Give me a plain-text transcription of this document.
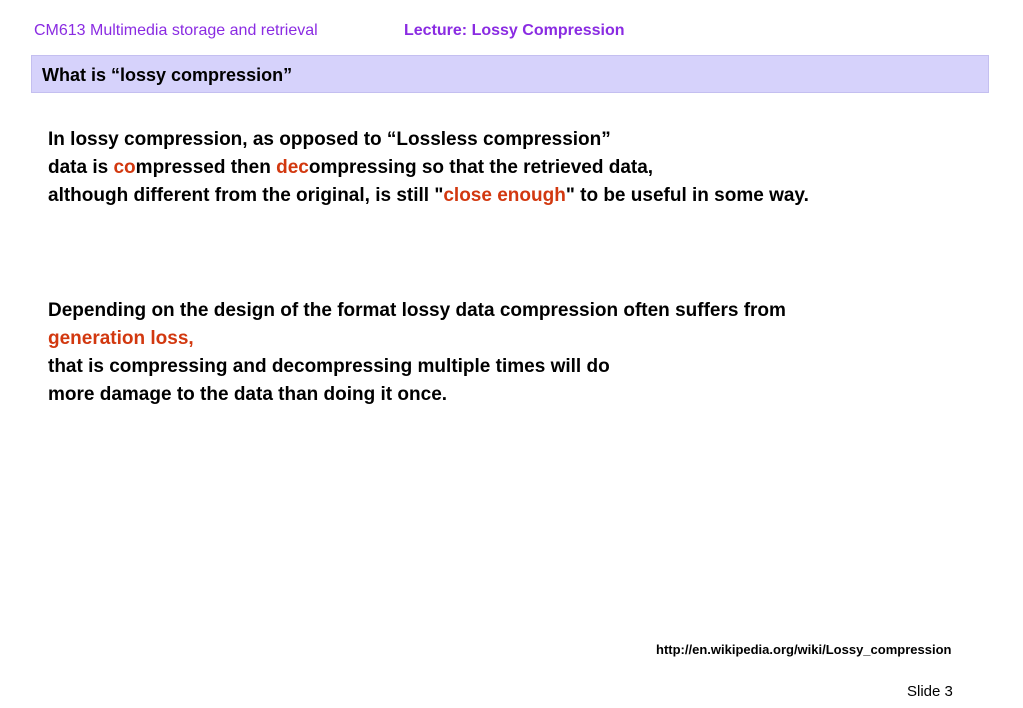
CM613 Multimedia storage and retrieval	Lecture: Lossy Compression
What is “lossy compression”
In lossy compression, as opposed to “Lossless compression”
data is compressed then decompressing so that the retrieved data,
although different from the original, is still "close enough" to be useful in some way.
Depending on the design of the format lossy data compression often suffers from
generation loss,
that is compressing and decompressing multiple times will do
more damage to the data than doing it once.
http://en.wikipedia.org/wiki/Lossy_compression
Slide 3
